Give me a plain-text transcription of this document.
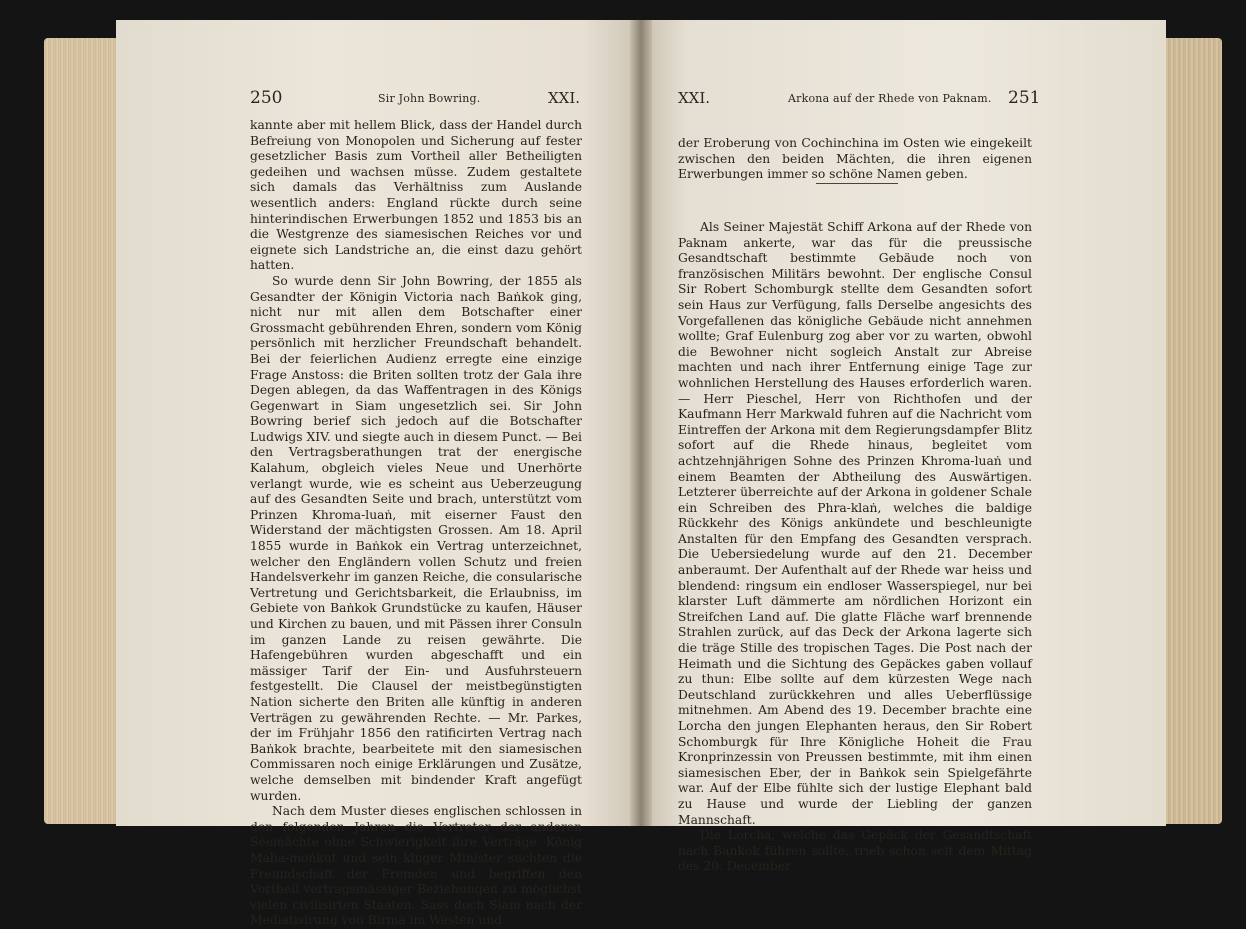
250	Sir John Bowring.	XXI.

kannte aber mit hellem Blick, dass der Handel durch Befreiung von Monopolen und Sicherung auf fester gesetzlicher Basis zum Vortheil aller Betheiligten gedeihen und wachsen müsse. Zudem gestaltete sich damals das Verhältniss zum Auslande wesentlich anders: England rückte durch seine hinterindischen Erwerbungen 1852 und 1853 bis an die Westgrenze des siamesischen Reiches vor und eignete sich Landstriche an, die einst dazu gehört hatten.

So wurde denn Sir John Bowring, der 1855 als Gesandter der Königin Victoria nach Baṅkok ging, nicht nur mit allen dem Botschafter einer Grossmacht gebührenden Ehren, sondern vom König persönlich mit herzlicher Freundschaft behandelt. Bei der feierlichen Audienz erregte eine einzige Frage Anstoss: die Briten sollten trotz der Gala ihre Degen ablegen, da das Waffentragen in des Königs Gegenwart in Siam ungesetzlich sei. Sir John Bowring berief sich jedoch auf die Botschafter Ludwigs XIV. und siegte auch in diesem Punct. — Bei den Vertragsberathungen trat der energische Kalahum, obgleich vieles Neue und Unerhörte verlangt wurde, wie es scheint aus Ueberzeugung auf des Gesandten Seite und brach, unterstützt vom Prinzen Khroma-luaṅ, mit eiserner Faust den Widerstand der mächtigsten Grossen. Am 18. April 1855 wurde in Baṅkok ein Vertrag unterzeichnet, welcher den Engländern vollen Schutz und freien Handelsverkehr im ganzen Reiche, die consularische Vertretung und Gerichtsbarkeit, die Erlaubniss, im Gebiete von Baṅkok Grundstücke zu kaufen, Häuser und Kirchen zu bauen, und mit Pässen ihrer Consuln im ganzen Lande zu reisen gewährte. Die Hafengebühren wurden abgeschafft und ein mässiger Tarif der Ein- und Ausfuhrsteuern festgestellt. Die Clausel der meistbegünstigten Nation sicherte den Briten alle künftig in anderen Verträgen zu gewährenden Rechte. — Mr. Parkes, der im Frühjahr 1856 den ratificirten Vertrag nach Baṅkok brachte, bearbeitete mit den siamesischen Commissaren noch einige Erklärungen und Zusätze, welche demselben mit bindender Kraft angefügt wurden.

Nach dem Muster dieses englischen schlossen in den folgenden Jahren die Vertreter der anderen Seemächte ohne Schwierigkeit ihre Verträge. König Maha-moṅkut und sein kluger Minister suchten die Freundschaft der Fremden und begriffen den Vortheil vertragsmässiger Beziehungen zu möglichst vielen civilisirten Staaten. Sass doch Siam nach der Mediatisirung von Birma im Westen und

XXI.	Arkona auf der Rhede von Paknam. 251

der Eroberung von Cochinchina im Osten wie eingekeilt zwischen den beiden Mächten, die ihren eigenen Erwerbungen immer so schöne Namen geben.

Als Seiner Majestät Schiff Arkona auf der Rhede von Paknam ankerte, war das für die preussische Gesandtschaft bestimmte Gebäude noch von französischen Militärs bewohnt. Der englische Consul Sir Robert Schomburgk stellte dem Gesandten sofort sein Haus zur Verfügung, falls Derselbe angesichts des Vorgefallenen das königliche Gebäude nicht annehmen wollte; Graf Eulenburg zog aber vor zu warten, obwohl die Bewohner nicht sogleich Anstalt zur Abreise machten und nach ihrer Entfernung einige Tage zur wohnlichen Herstellung des Hauses erforderlich waren. — Herr Pieschel, Herr von Richthofen und der Kaufmann Herr Markwald fuhren auf die Nachricht vom Eintreffen der Arkona mit dem Regierungsdampfer Blitz sofort auf die Rhede hinaus, begleitet vom achtzehnjährigen Sohne des Prinzen Khroma-luaṅ und einem Beamten der Abtheilung des Auswärtigen. Letzterer überreichte auf der Arkona in goldener Schale ein Schreiben des Phra-klaṅ, welches die baldige Rückkehr des Königs ankündete und beschleunigte Anstalten für den Empfang des Gesandten versprach. Die Uebersiedelung wurde auf den 21. December anberaumt. Der Aufenthalt auf der Rhede war heiss und blendend: ringsum ein endloser Wasserspiegel, nur bei klarster Luft dämmerte am nördlichen Horizont ein Streifchen Land auf. Die glatte Fläche warf brennende Strahlen zurück, auf das Deck der Arkona lagerte sich die träge Stille des tropischen Tages. Die Post nach der Heimath und die Sichtung des Gepäckes gaben vollauf zu thun: Elbe sollte auf dem kürzesten Wege nach Deutschland zurückkehren und alles Ueberflüssige mitnehmen. Am Abend des 19. December brachte eine Lorcha den jungen Elephanten heraus, den Sir Robert Schomburgk für Ihre Königliche Hoheit die Frau Kronprinzessin von Preussen bestimmte, mit ihm einen siamesischen Eber, der in Baṅkok sein Spielgefährte war. Auf der Elbe fühlte sich der lustige Elephant bald zu Hause und wurde der Liebling der ganzen Mannschaft.

Die Lorcha, welche das Gepäck der Gesandtschaft nach Baṅkok führen sollte, trieb schon seit dem Mittag des 20. December
